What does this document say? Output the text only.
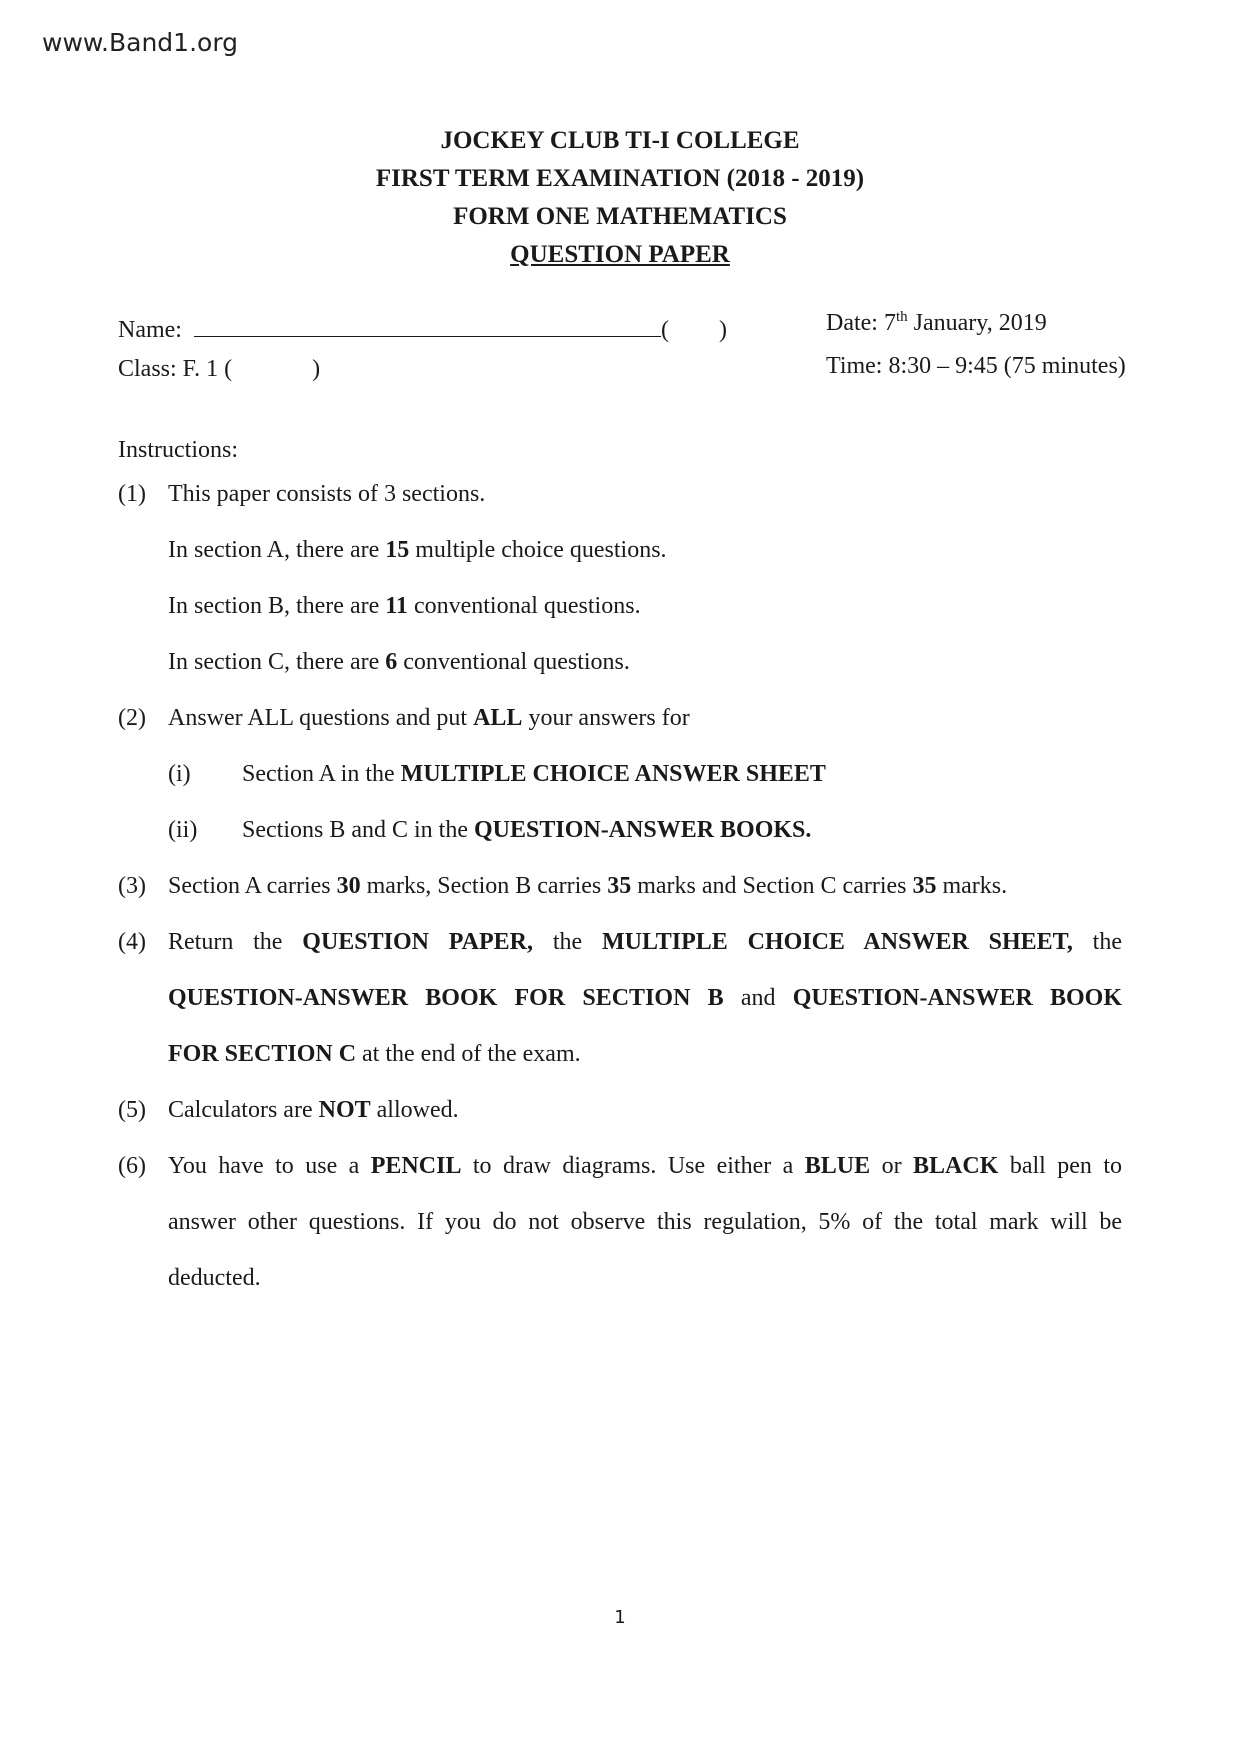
www.Band1.org
JOCKEY CLUB TI-I COLLEGE
FIRST TERM EXAMINATION (2018 - 2019)
FORM ONE MATHEMATICS
QUESTION PAPER
Name:	( )	Date: 7th January, 2019
Class: F. 1 (	)	Time: 8:30 – 9:45 (75 minutes)
Instructions:
(1) This paper consists of 3 sections.
In section A, there are 15 multiple choice questions.
In section B, there are 11 conventional questions.
In section C, there are 6 conventional questions.
(2) Answer ALL questions and put ALL your answers for
(i) Section A in the MULTIPLE CHOICE ANSWER SHEET
(ii) Sections B and C in the QUESTION-ANSWER BOOKS.
(3) Section A carries 30 marks, Section B carries 35 marks and Section C carries 35 marks.
(4) Return the QUESTION PAPER, the MULTIPLE CHOICE ANSWER SHEET, the
QUESTION-ANSWER BOOK FOR SECTION B and QUESTION-ANSWER BOOK
FOR SECTION C at the end of the exam.
(5) Calculators are NOT allowed.
(6) You have to use a PENCIL to draw diagrams. Use either a BLUE or BLACK ball pen to
answer other questions. If you do not observe this regulation, 5% of the total mark will be
deducted.
1
